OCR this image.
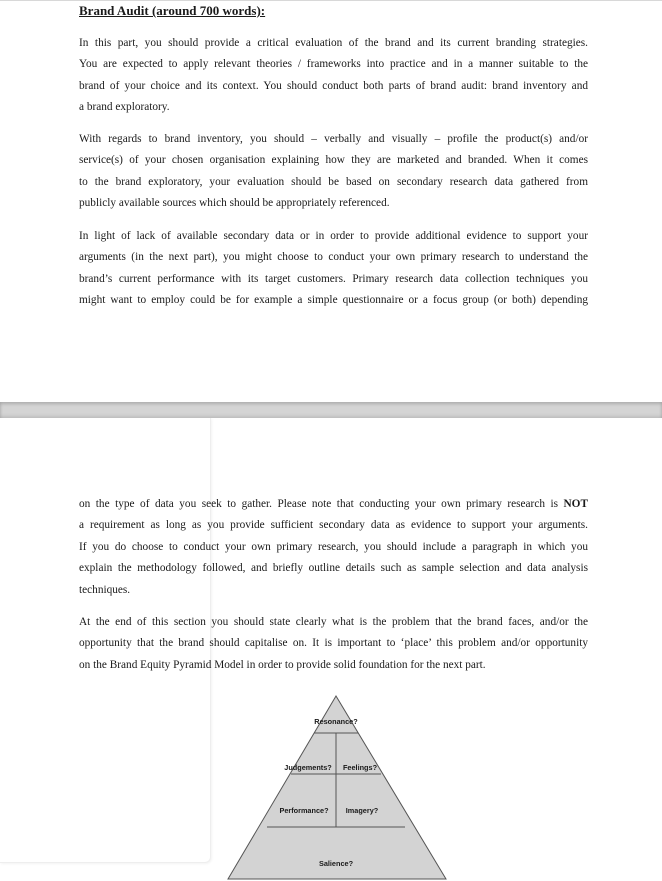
Brand Audit (around 700 words):

In this part, you should provide a critical evaluation of the brand and its current branding strategies.
You are expected to apply relevant theories / frameworks into practice and in a manner suitable to the
brand of your choice and its context. You should conduct both parts of brand audit: brand inventory and
a brand exploratory.

With regards to brand inventory, you should – verbally and visually – profile the product(s) and/or
service(s) of your chosen organisation explaining how they are marketed and branded. When it comes
to the brand exploratory, your evaluation should be based on secondary research data gathered from
publicly available sources which should be appropriately referenced.

In light of lack of available secondary data or in order to provide additional evidence to support your
arguments (in the next part), you might choose to conduct your own primary research to understand the
brand’s current performance with its target customers. Primary research data collection techniques you
might want to employ could be for example a simple questionnaire or a focus group (or both) depending

on the type of data you seek to gather. Please note that conducting your own primary research is NOT
a requirement as long as you provide sufficient secondary data as evidence to support your arguments.
If you do choose to conduct your own primary research, you should include a paragraph in which you
explain the methodology followed, and briefly outline details such as sample selection and data analysis
techniques.

At the end of this section you should state clearly what is the problem that the brand faces, and/or the
opportunity that the brand should capitalise on. It is important to ‘place’ this problem and/or opportunity
on the Brand Equity Pyramid Model in order to provide solid foundation for the next part.

Resonance?
Judgements? Feelings?
Performance? Imagery?
Salience?
